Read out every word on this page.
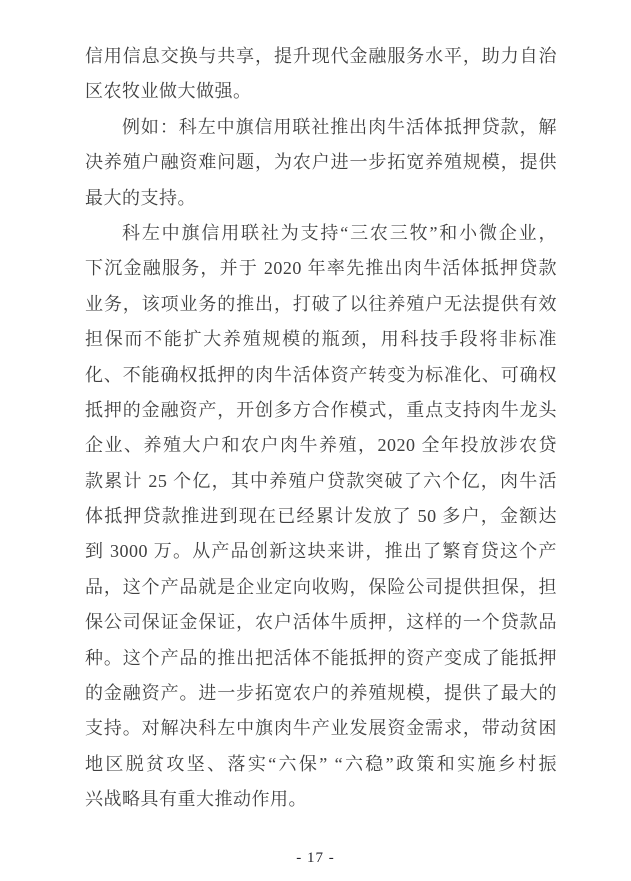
信用信息交换与共享，提升现代金融服务水平，助力自治
区农牧业做大做强。
例如：科左中旗信用联社推出肉牛活体抵押贷款，解
决养殖户融资难问题，为农户进一步拓宽养殖规模，提供
最大的支持。
科左中旗信用联社为支持“三农三牧”和小微企业，
下沉金融服务，并于 2020 年率先推出肉牛活体抵押贷款
业务，该项业务的推出，打破了以往养殖户无法提供有效
担保而不能扩大养殖规模的瓶颈，用科技手段将非标准
化、不能确权抵押的肉牛活体资产转变为标准化、可确权
抵押的金融资产，开创多方合作模式，重点支持肉牛龙头
企业、养殖大户和农户肉牛养殖，2020 全年投放涉农贷
款累计 25 个亿，其中养殖户贷款突破了六个亿，肉牛活
体抵押贷款推进到现在已经累计发放了 50 多户，金额达
到 3000 万。从产品创新这块来讲，推出了繁育贷这个产
品，这个产品就是企业定向收购，保险公司提供担保，担
保公司保证金保证，农户活体牛质押，这样的一个贷款品
种。这个产品的推出把活体不能抵押的资产变成了能抵押
的金融资产。进一步拓宽农户的养殖规模，提供了最大的
支持。对解决科左中旗肉牛产业发展资金需求，带动贫困
地区脱贫攻坚、落实“六保” “六稳”政策和实施乡村振
兴战略具有重大推动作用。
- 17 -
